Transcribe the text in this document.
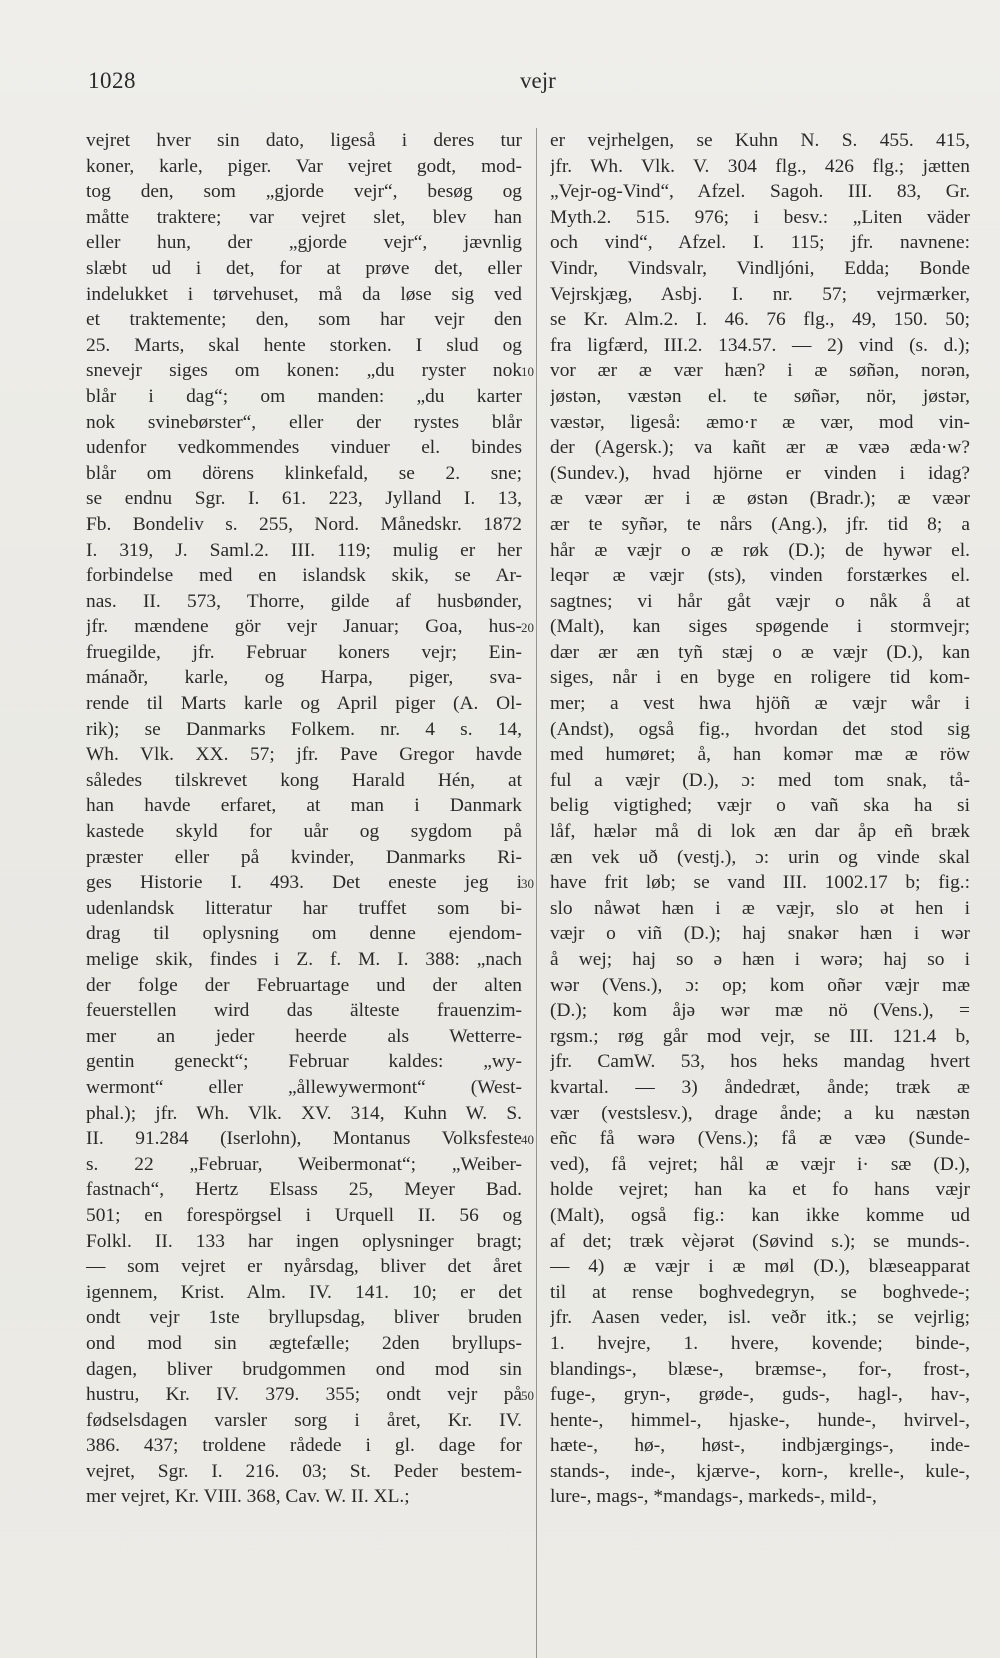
1028	vejr
vejret hver sin dato, ligeså i deres tur
koner, karle, piger. Var vejret godt, mod-
tog den, som „gjorde vejr“, besøg og
måtte traktere; var vejret slet, blev han
eller hun, der „gjorde vejr“, jævnlig
slæbt ud i det, for at prøve det, eller
indelukket i tørvehuset, må da løse sig ved
et traktemente; den, som har vejr den
25. Marts, skal hente storken. I slud og
snevejr siges om konen: „du ryster nok
blår i dag“; om manden: „du karter
nok svinebørster“, eller der rystes blår
udenfor vedkommendes vinduer el. bindes
blår om dörens klinkefald, se 2. sne;
se endnu Sgr. I. 61. 223, Jylland I. 13,
Fb. Bondeliv s. 255, Nord. Månedskr. 1872
I. 319, J. Saml.2. III. 119; mulig er her
forbindelse med en islandsk skik, se Ar-
nas. II. 573, Thorre, gilde af husbønder,
jfr. mændene gör vejr Januar; Goa, hus-
fruegilde, jfr. Februar koners vejr; Ein-
mánaðr, karle, og Harpa, piger, sva-
rende til Marts karle og April piger (A. Ol-
rik); se Danmarks Folkem. nr. 4 s. 14,
Wh. Vlk. XX. 57; jfr. Pave Gregor havde
således tilskrevet kong Harald Hén, at
han havde erfaret, at man i Danmark
kastede skyld for uår og sygdom på
præster eller på kvinder, Danmarks Ri-
ges Historie I. 493. Det eneste jeg i
udenlandsk litteratur har truffet som bi-
drag til oplysning om denne ejendom-
melige skik, findes i Z. f. M. I. 388: „nach
der folge der Februartage und der alten
feuerstellen wird das älteste frauenzim-
mer an jeder heerde als Wetterre-
gentin geneckt“; Februar kaldes: „wy-
wermont“ eller „ållewywermont“ (West-
phal.); jfr. Wh. Vlk. XV. 314, Kuhn W. S.
II. 91.284 (Iserlohn), Montanus Volksfeste
s. 22 „Februar, Weibermonat“; „Weiber-
fastnach“, Hertz Elsass 25, Meyer Bad.
501; en forespörgsel i Urquell II. 56 og
Folkl. II. 133 har ingen oplysninger bragt;
— som vejret er nyårsdag, bliver det året
igennem, Krist. Alm. IV. 141. 10; er det
ondt vejr 1ste bryllupsdag, bliver bruden
ond mod sin ægtefælle; 2den bryllups-
dagen, bliver brudgommen ond mod sin
hustru, Kr. IV. 379. 355; ondt vejr på
fødselsdagen varsler sorg i året, Kr. IV.
386. 437; troldene rådede i gl. dage for
vejret, Sgr. I. 216. 03; St. Peder bestem-
mer vejret, Kr. VIII. 368, Cav. W. II. XL.;
er vejrhelgen, se Kuhn N. S. 455. 415,
jfr. Wh. Vlk. V. 304 flg., 426 flg.; jætten
„Vejr-og-Vind“, Afzel. Sagoh. III. 83, Gr.
Myth.2. 515. 976; i besv.: „Liten väder
och vind“, Afzel. I. 115; jfr. navnene:
Vindr, Vindsvalr, Vindljóni, Edda; Bonde
Vejrskjæg, Asbj. I. nr. 57; vejrmærker,
se Kr. Alm.2. I. 46. 76 flg., 49, 150. 50;
fra ligfærd, III.2. 134.57. — 2) vind (s. d.);
vor ær æ vær hæn? i æ søñən, norən,
jøstən, væstən el. te søñər, nör, jøstər,
væstər, ligeså: æmo·r æ vær, mod vin-
der (Agersk.); va kañt ær æ væə æda·w?
(Sundev.), hvad hjörne er vinden i idag?
æ væər ær i æ østən (Bradr.); æ væər
ær te syñər, te nårs (Ang.), jfr. tid 8; a
hår æ væjr o æ røk (D.); de hywər el.
leqər æ væjr (sts), vinden forstærkes el.
sagtnes; vi hår gåt væjr o nåk å at
(Malt), kan siges spøgende i stormvejr;
dær ær æn tyñ stæj o æ væjr (D.), kan
siges, når i en byge en roligere tid kom-
mer; a vest hwa hjöñ æ væjr wår i
(Andst), også fig., hvordan det stod sig
med humøret; å, han komər mæ æ röw
ful a væjr (D.), ɔ: med tom snak, tå-
belig vigtighed; væjr o vañ ska ha si
låf, hælər må di lok æn dar åp eñ bræk
æn vek uð (vestj.), ɔ: urin og vinde skal
have frit løb; se vand III. 1002.17 b; fig.:
slo nåwət hæn i æ væjr, slo ət hen i
væjr o viñ (D.); haj snakər hæn i wər
å wej; haj so ə hæn i wərə; haj so i
wər (Vens.), ɔ: op; kom oñər væjr mæ
(D.); kom åjə wər mæ nö (Vens.), =
rgsm.; røg går mod vejr, se III. 121.4 b,
jfr. CamW. 53, hos heks mandag hvert
kvartal. — 3) åndedræt, ånde; træk æ
vær (vestslesv.), drage ånde; a ku næstən
eñc få wərə (Vens.); få æ væə (Sunde-
ved), få vejret; hål æ væjr i· sæ (D.),
holde vejret; han ka et fo hans væjr
(Malt), også fig.: kan ikke komme ud
af det; træk vèjərət (Søvind s.); se munds-.
— 4) æ væjr i æ møl (D.), blæseapparat
til at rense boghvedegryn, se boghvede-;
jfr. Aasen veder, isl. veðr itk.; se vejrlig;
1. hvejre, 1. hvere, kovende; binde-,
blandings-, blæse-, bræmse-, for-, frost-,
fuge-, gryn-, grøde-, guds-, hagl-, hav-,
hente-, himmel-, hjaske-, hunde-, hvirvel-,
hæte-, hø-, høst-, indbjærgings-, inde-
stands-, inde-, kjærve-, korn-, krelle-, kule-,
lure-, mags-, *mandags-, markeds-, mild-,
10
20
30
40
50
